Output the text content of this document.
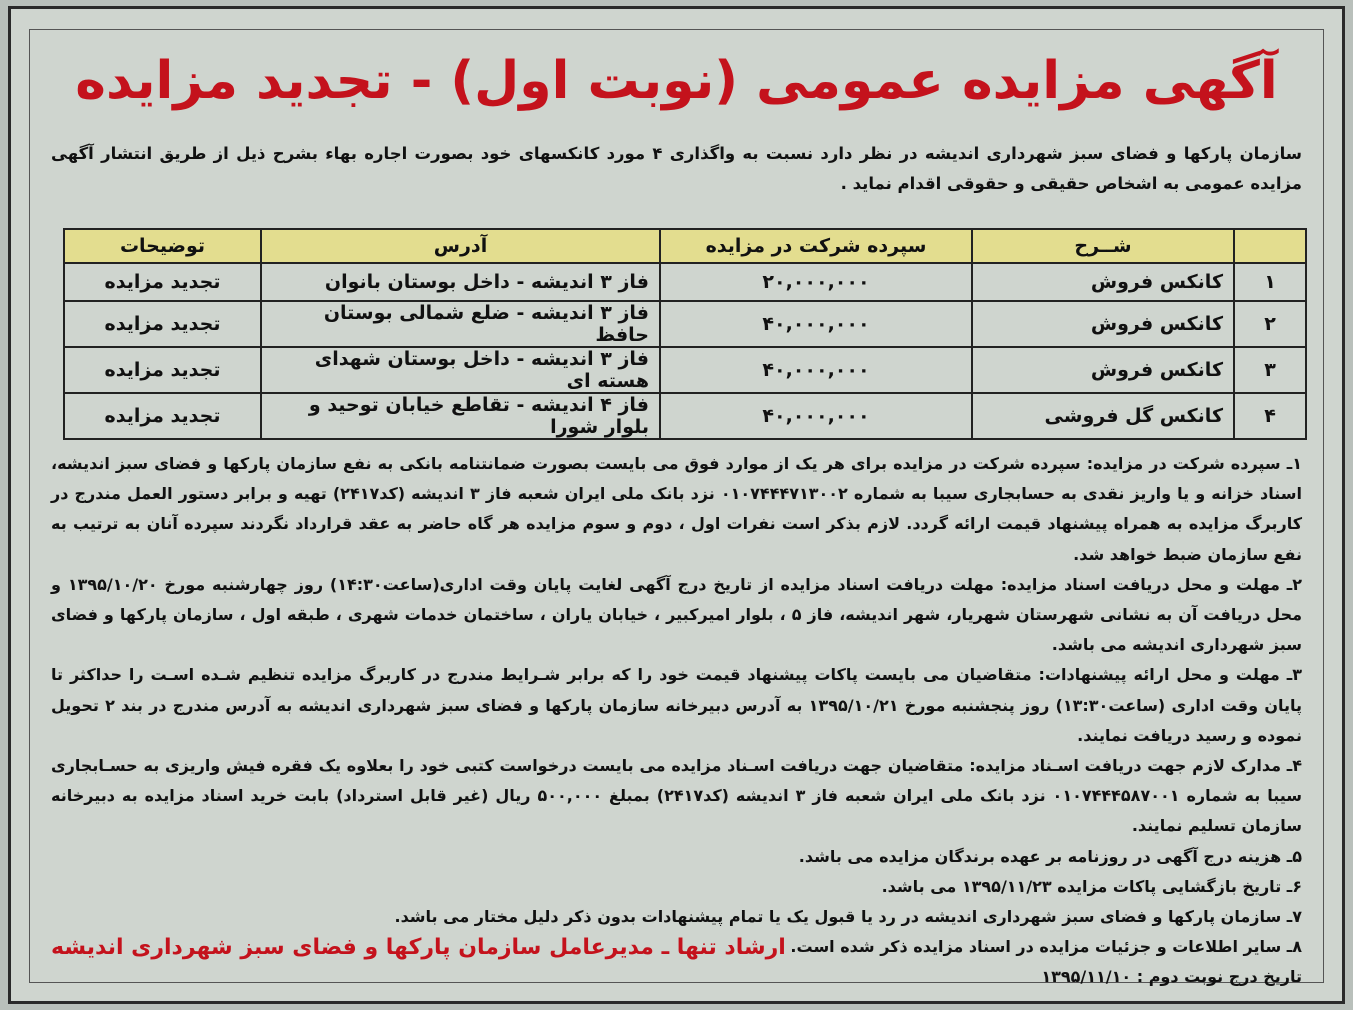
آگهی مزایده عمومی (نوبت اول) - تجدید مزایده
سازمان پارکها و فضای سبز شهرداری اندیشه در نظر دارد نسبت به واگذاری ۴ مورد کانکسهای خود بصورت اجاره بهاء بشرح ذیل از طریق انتشار آگهی مزایده عمومی به اشخاص حقیقی و حقوقی اقدام نماید .
	شــرح	سپرده شرکت در مزایده	آدرس	توضیحات
۱	کانکس فروش	۲۰,۰۰۰,۰۰۰	فاز ۳ اندیشه - داخل بوستان بانوان	تجدید مزایده
۲	کانکس فروش	۴۰,۰۰۰,۰۰۰	فاز ۳ اندیشه - ضلع شمالی بوستان حافظ	تجدید مزایده
۳	کانکس فروش	۴۰,۰۰۰,۰۰۰	فاز ۳ اندیشه - داخل بوستان شهدای هسته ای	تجدید مزایده
۴	کانکس گل فروشی	۴۰,۰۰۰,۰۰۰	فاز ۴ اندیشه - تقاطع خیابان توحید و بلوار شورا	تجدید مزایده

۱ـ سپرده شرکت در مزایده: سپرده شرکت در مزایده برای هر یک از موارد فوق می بایست بصورت ضمانتنامه بانکی به نفع سازمان پارکها و فضای سبز اندیشه، اسناد خزانه و یا واریز نقدی به حسابجاری سیبا به شماره ۰۱۰۷۴۴۴۷۱۳۰۰۲ نزد بانک ملی ایران شعبه فاز ۳ اندیشه (کد۲۴۱۷) تهیه و برابر دستور العمل مندرج در کاربرگ مزایده به همراه پیشنهاد قیمت ارائه گردد. لازم بذکر است نفرات اول ، دوم و سوم مزایده هر گاه حاضر به عقد قرارداد نگردند سپرده آنان به ترتیب به نفع سازمان ضبط خواهد شد.

۲ـ مهلت و محل دریافت اسناد مزایده: مهلت دریافت اسناد مزایده از تاریخ درج آگهی لغایت پایان وقت اداری(ساعت۱۴:۳۰) روز چهارشنبه مورخ ۱۳۹۵/۱۰/۲۰ و محل دریافت آن به نشانی شهرستان شهریار، شهر اندیشه، فاز ۵ ، بلوار امیرکبیر ، خیابان یاران ، ساختمان خدمات شهری ، طبقه اول ، سازمان پارکها و فضای سبز شهرداری اندیشه می باشد.

۳ـ مهلت و محل ارائه پیشنهادات: متقاضیان می بایست پاکات پیشنهاد قیمت خود را که برابر شـرایط مندرج در کاربرگ مزایده تنظیم شـده اسـت را حداکثر تا پایان وقت اداری (ساعت۱۳:۳۰) روز پنجشنبه مورخ ۱۳۹۵/۱۰/۲۱ به آدرس دبیرخانه سازمان پارکها و فضای سبز شهرداری اندیشه به آدرس مندرج در بند ۲ تحویل نموده و رسید دریافت نمایند.

۴ـ مدارک لازم جهت دریافت اسـناد مزایده: متقاضیان جهت دریافت اسـناد مزایده می بایست درخواست کتبی خود را بعلاوه یک فقره فیش واریزی به حسـابجاری سیبا به شماره ۰۱۰۷۴۴۴۵۸۷۰۰۱ نزد بانک ملی ایران شعبه فاز ۳ اندیشه (کد۲۴۱۷) بمبلغ ۵۰۰,۰۰۰ ریال (غیر قابل استرداد) بابت خرید اسناد مزایده به دبیرخانه سازمان تسلیم نمایند.

۵ـ هزینه درج آگهی در روزنامه بر عهده برندگان مزایده می باشد.

۶ـ تاریخ بازگشایی پاکات مزایده ۱۳۹۵/۱۱/۲۳ می باشد.

۷ـ سازمان پارکها و فضای سبز شهرداری اندیشه در رد یا قبول یک یا تمام پیشنهادات بدون ذکر دلیل مختار می باشد.

۸ـ سایر اطلاعات و جزئیات مزایده در اسناد مزایده ذکر شده است.

تاریخ درج نوبت دوم : ۱۳۹۵/۱۱/۱۰

ارشاد تنها ـ مدیرعامل سازمان پارکها و فضای سبز شهرداری اندیشه
